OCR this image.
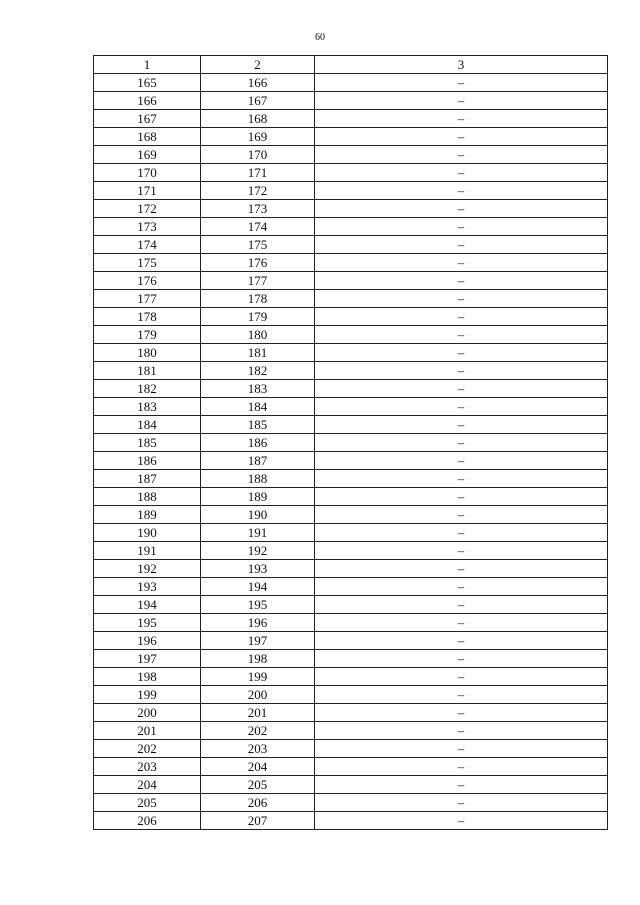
60
1	2	3
165	166	–
166	167	–
167	168	–
168	169	–
169	170	–
170	171	–
171	172	–
172	173	–
173	174	–
174	175	–
175	176	–
176	177	–
177	178	–
178	179	–
179	180	–
180	181	–
181	182	–
182	183	–
183	184	–
184	185	–
185	186	–
186	187	–
187	188	–
188	189	–
189	190	–
190	191	–
191	192	–
192	193	–
193	194	–
194	195	–
195	196	–
196	197	–
197	198	–
198	199	–
199	200	–
200	201	–
201	202	–
202	203	–
203	204	–
204	205	–
205	206	–
206	207	–
